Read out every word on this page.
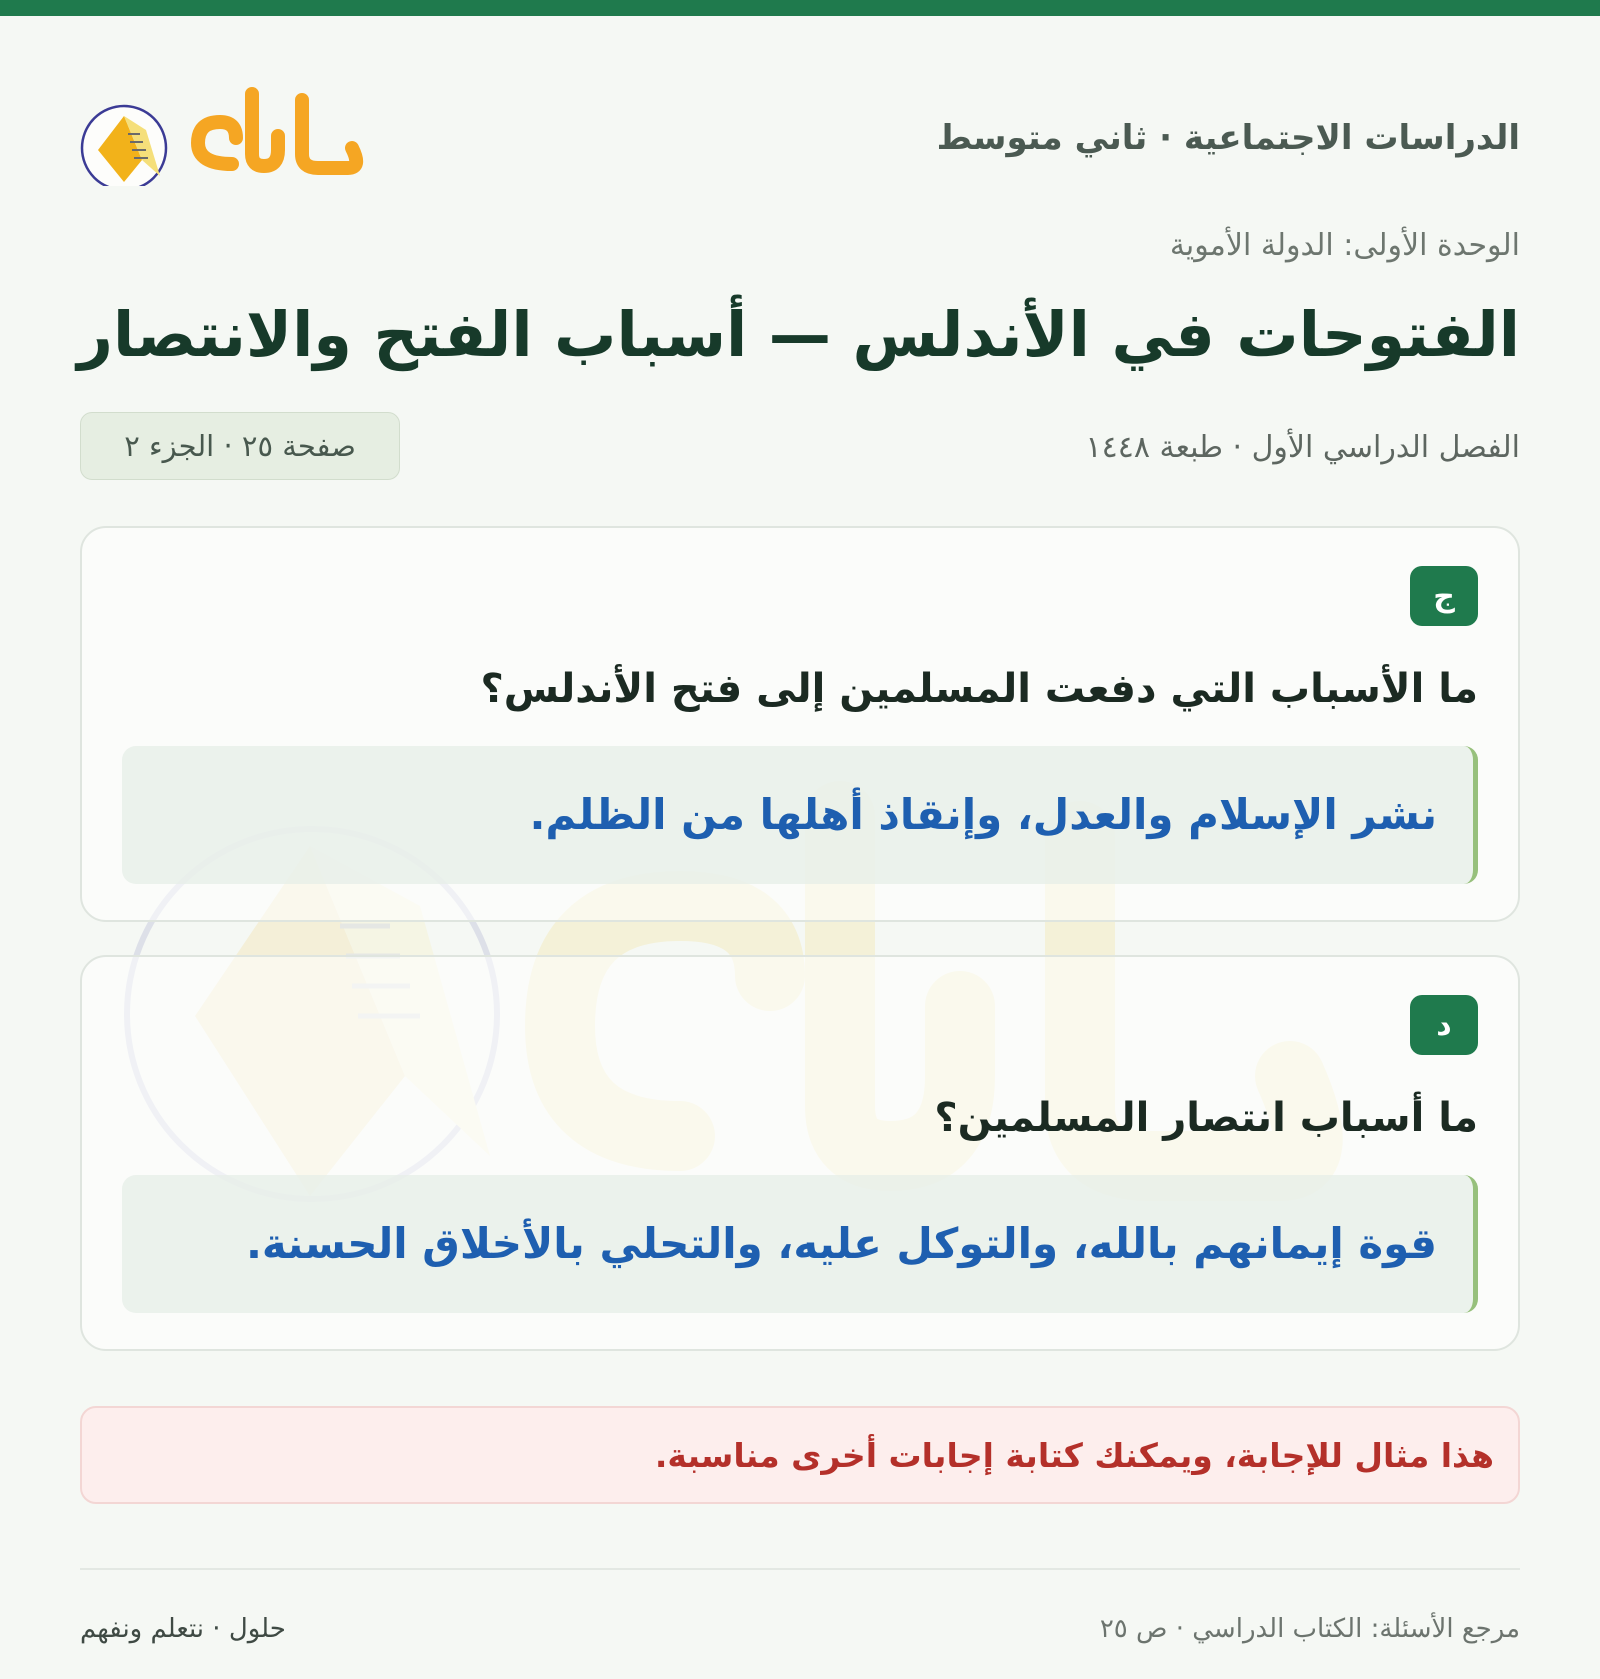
الدراسات الاجتماعية · ثاني متوسط
الوحدة الأولى: الدولة الأموية
الفتوحات في الأندلس — أسباب الفتح والانتصار
الفصل الدراسي الأول · طبعة ١٤٤٨
صفحة ٢٥ · الجزء ٢
ج
ما الأسباب التي دفعت المسلمين إلى فتح الأندلس؟
نشر الإسلام والعدل، وإنقاذ أهلها من الظلم.
د
ما أسباب انتصار المسلمين؟
قوة إيمانهم بالله، والتوكل عليه، والتحلي بالأخلاق الحسنة.
هذا مثال للإجابة، ويمكنك كتابة إجابات أخرى مناسبة.
مرجع الأسئلة: الكتاب الدراسي · ص ٢٥
حلول · نتعلم ونفهم
